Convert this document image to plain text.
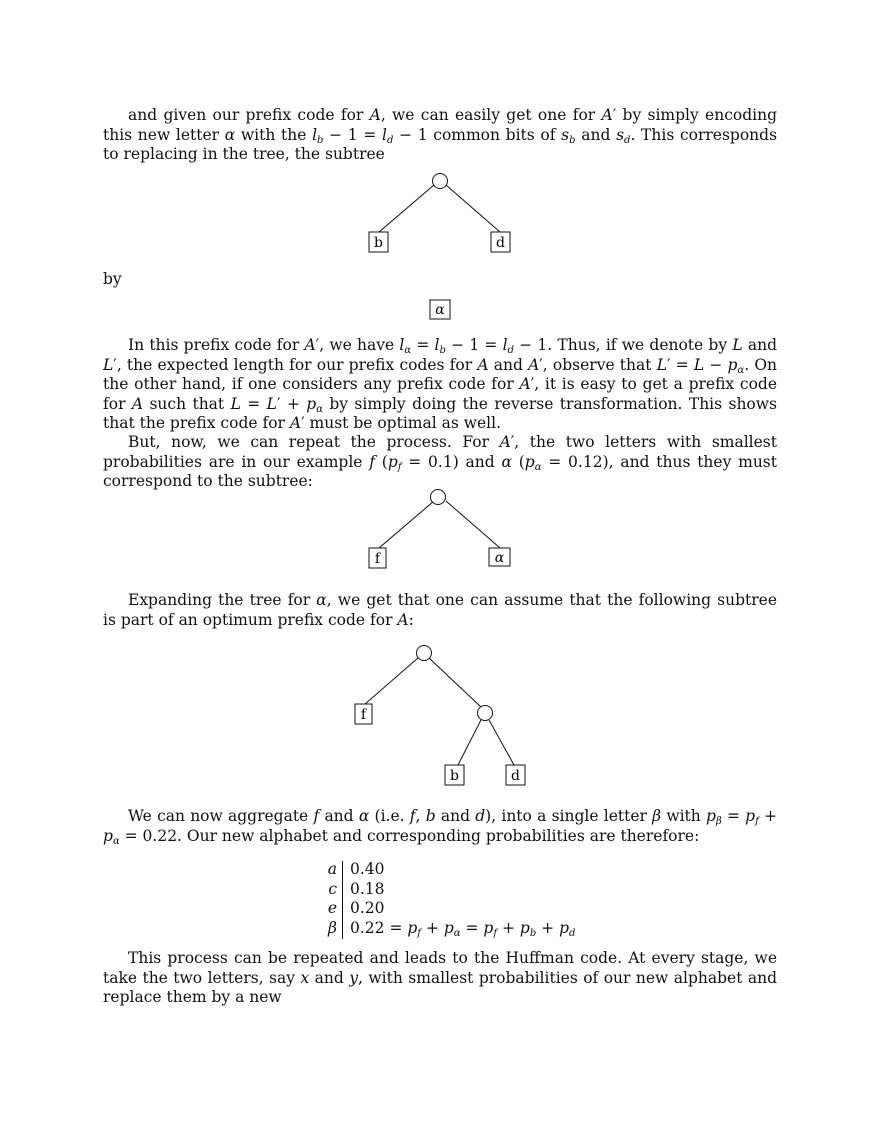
and given our prefix code for A, we can easily get one for A′ by simply encoding this new letter α with the $l_b - 1 = l_d - 1$ common bits of $s_b$ and $s_d$. This corresponds to replacing in the tree, the subtree

b	d

by

α

In this prefix code for A′, we have $l_\alpha = l_b - 1 = l_d - 1$. Thus, if we denote by L and L′, the expected length for our prefix codes for A and A′, observe that $L' = L - p_\alpha$. On the other hand, if one considers any prefix code for A′, it is easy to get a prefix code for A such that $L = L' + p_\alpha$ by simply doing the reverse transformation. This shows that the prefix code for A′ must be optimal as well.

But, now, we can repeat the process. For A′, the two letters with smallest probabilities are in our example f $(p_f = 0.1)$ and α $(p_\alpha = 0.12)$, and thus they must correspond to the subtree:

f	α

Expanding the tree for α, we get that one can assume that the following subtree is part of an optimum prefix code for A:

f
b	d

We can now aggregate f and α (i.e. f, b and d), into a single letter β with $p_\beta = p_f + p_\alpha = 0.22$. Our new alphabet and corresponding probabilities are therefore:

a 0.40
c 0.18
e 0.20
β $0.22 = p_f + p_\alpha = p_f + p_b + p_d$

This process can be repeated and leads to the Huffman code. At every stage, we take the two letters, say x and y, with smallest probabilities of our new alphabet and replace them by a new
